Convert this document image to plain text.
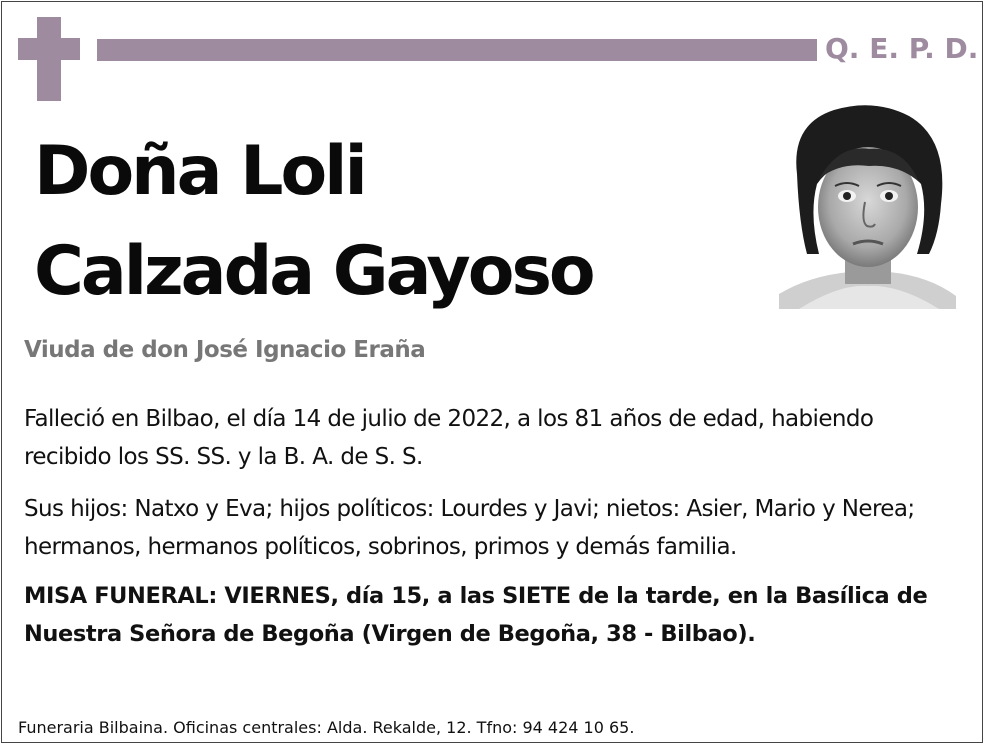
Q. E. P. D.
Doña Loli
Calzada Gayoso
Viuda de don José Ignacio Eraña
Falleció en Bilbao, el día 14 de julio de 2022, a los 81 años de edad, habiendo recibido los SS. SS. y la B. A. de S. S.
Sus hijos: Natxo y Eva; hijos políticos: Lourdes y Javi; nietos: Asier, Mario y Nerea; hermanos, hermanos políticos, sobrinos, primos y demás familia.
MISA FUNERAL: VIERNES, día 15, a las SIETE de la tarde, en la Basílica de Nuestra Señora de Begoña (Virgen de Begoña, 38 - Bilbao).
Funeraria Bilbaina. Oficinas centrales: Alda. Rekalde, 12. Tfno: 94 424 10 65.
